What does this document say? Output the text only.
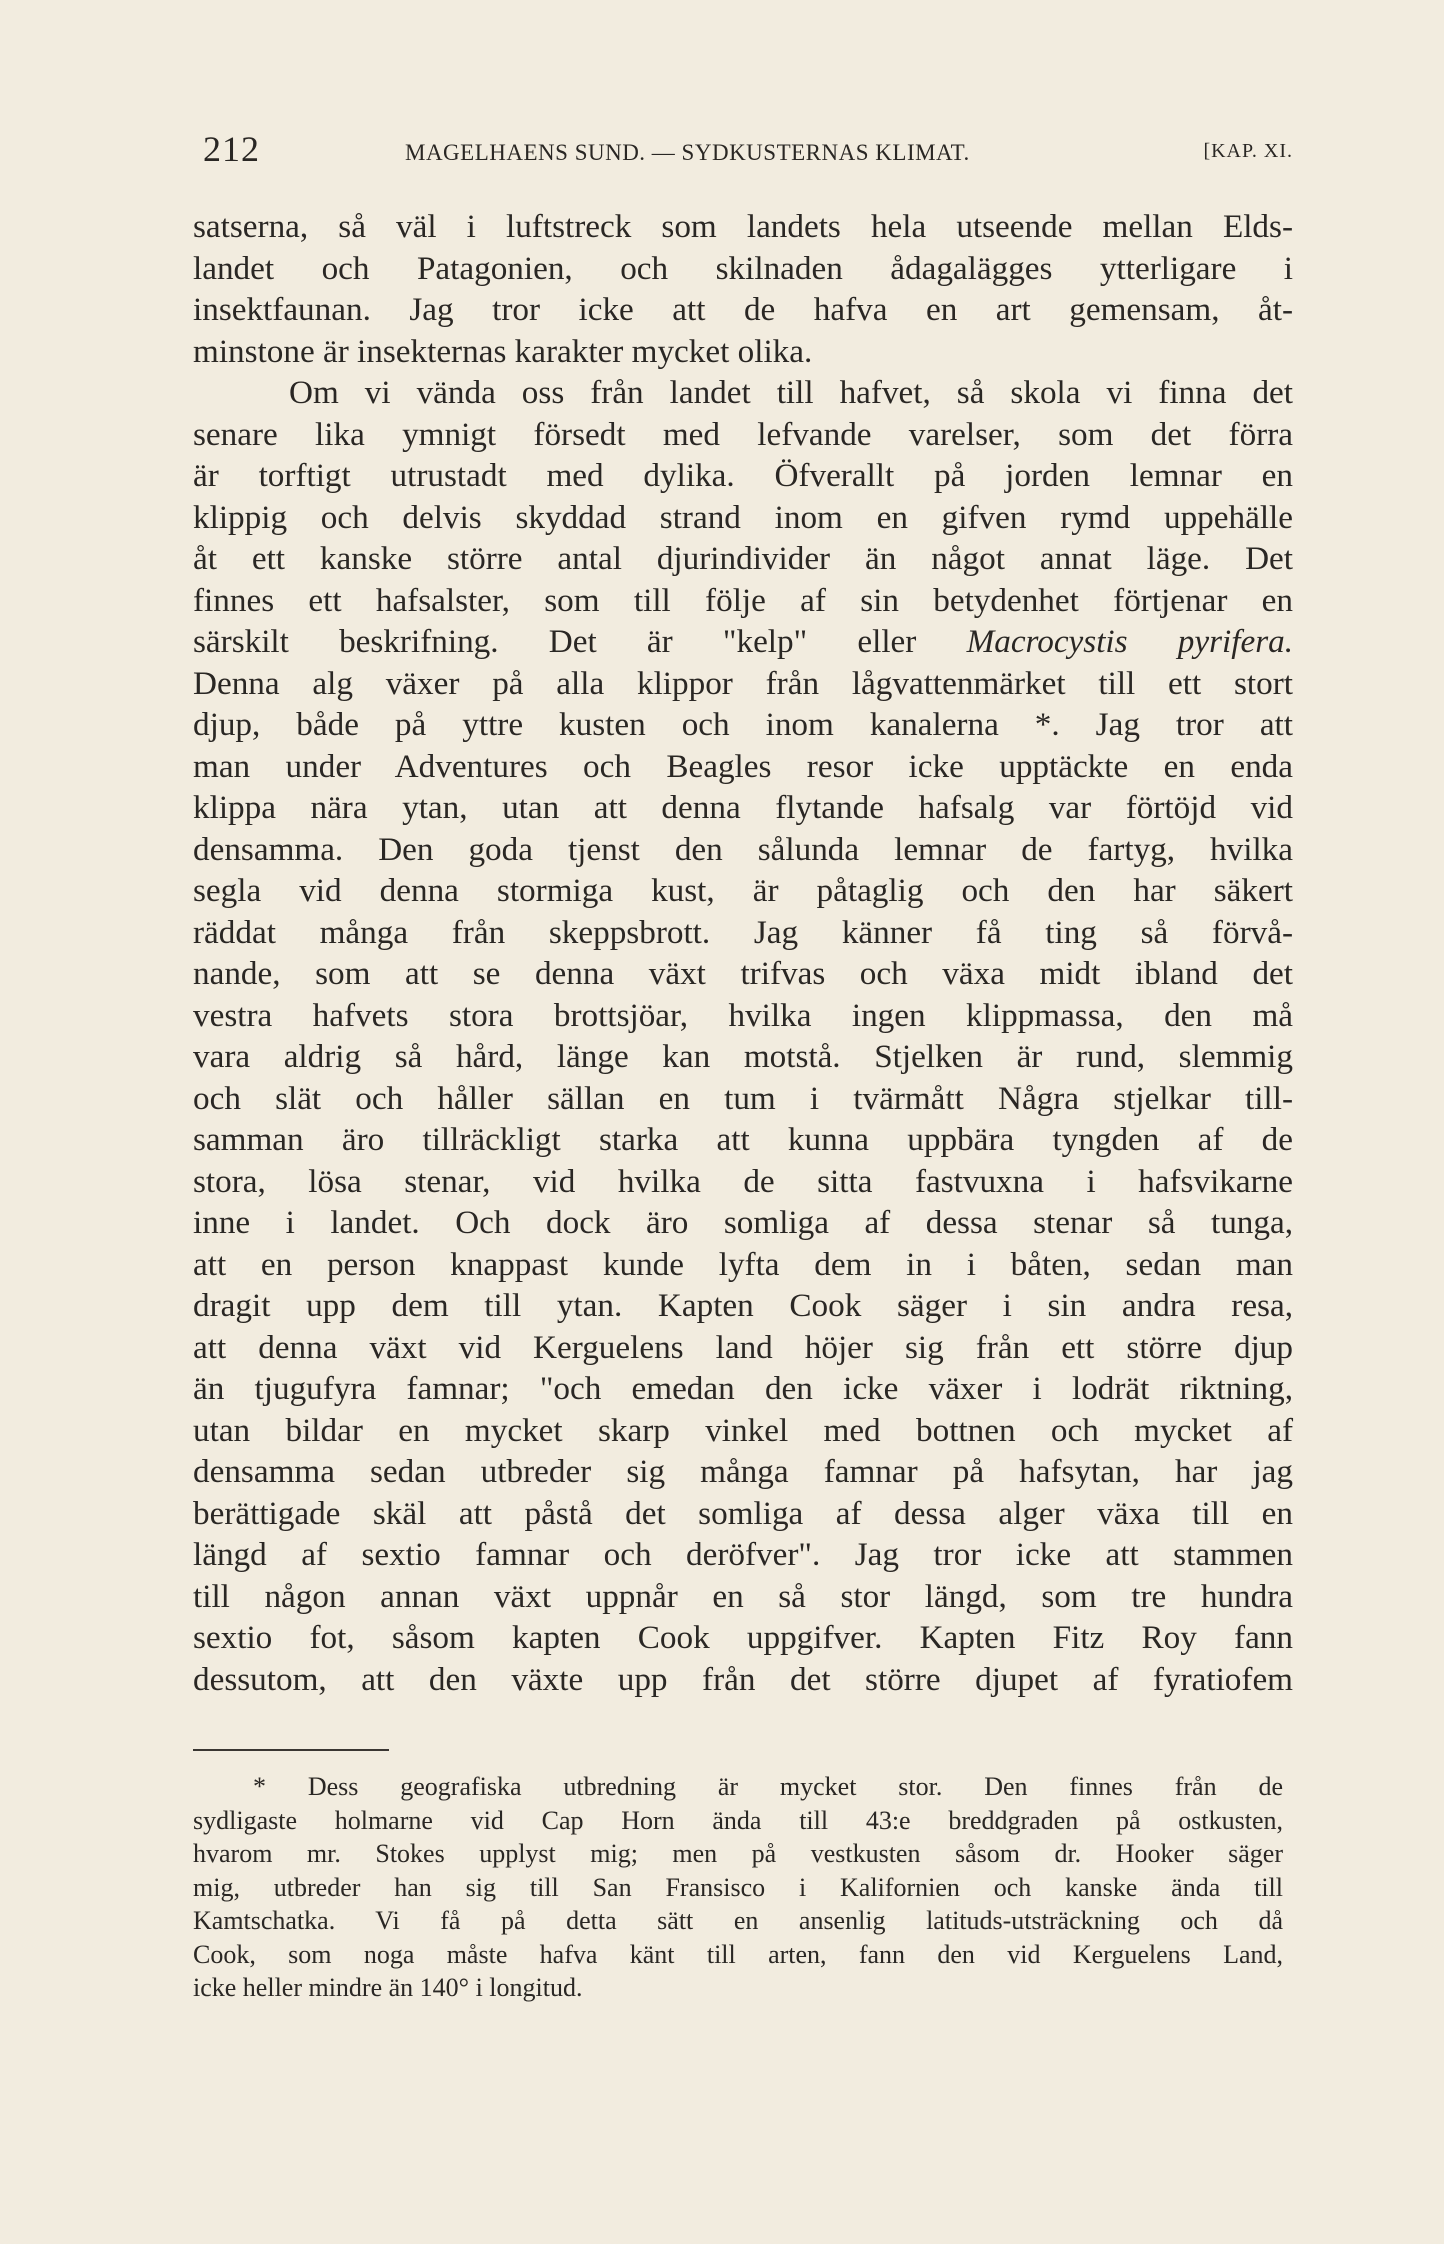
212	MAGELHAENS SUND. — SYDKUSTERNAS KLIMAT.	[KAP. XI.
satserna, så väl i luftstreck som landets hela utseende mellan Elds-
landet och Patagonien, och skilnaden ådagalägges ytterligare i
insektfaunan. Jag tror icke att de hafva en art gemensam, åt-
minstone är insekternas karakter mycket olika.
Om vi vända oss från landet till hafvet, så skola vi finna det
senare lika ymnigt försedt med lefvande varelser, som det förra
är torftigt utrustadt med dylika. Öfverallt på jorden lemnar en
klippig och delvis skyddad strand inom en gifven rymd uppehälle
åt ett kanske större antal djurindivider än något annat läge. Det
finnes ett hafsalster, som till följe af sin betydenhet förtjenar en
särskilt beskrifning. Det är "kelp" eller Macrocystis pyrifera.
Denna alg växer på alla klippor från lågvattenmärket till ett stort
djup, både på yttre kusten och inom kanalerna *. Jag tror att
man under Adventures och Beagles resor icke upptäckte en enda
klippa nära ytan, utan att denna flytande hafsalg var förtöjd vid
densamma. Den goda tjenst den sålunda lemnar de fartyg, hvilka
segla vid denna stormiga kust, är påtaglig och den har säkert
räddat många från skeppsbrott. Jag känner få ting så förvå-
nande, som att se denna växt trifvas och växa midt ibland det
vestra hafvets stora brottsjöar, hvilka ingen klippmassa, den må
vara aldrig så hård, länge kan motstå. Stjelken är rund, slemmig
och slät och håller sällan en tum i tvärmått Några stjelkar till-
samman äro tillräckligt starka att kunna uppbära tyngden af de
stora, lösa stenar, vid hvilka de sitta fastvuxna i hafsvikarne
inne i landet. Och dock äro somliga af dessa stenar så tunga,
att en person knappast kunde lyfta dem in i båten, sedan man
dragit upp dem till ytan. Kapten Cook säger i sin andra resa,
att denna växt vid Kerguelens land höjer sig från ett större djup
än tjugufyra famnar; "och emedan den icke växer i lodrät riktning,
utan bildar en mycket skarp vinkel med bottnen och mycket af
densamma sedan utbreder sig många famnar på hafsytan, har jag
berättigade skäl att påstå det somliga af dessa alger växa till en
längd af sextio famnar och deröfver". Jag tror icke att stammen
till någon annan växt uppnår en så stor längd, som tre hundra
sextio fot, såsom kapten Cook uppgifver. Kapten Fitz Roy fann
dessutom, att den växte upp från det större djupet af fyratiofem
* Dess geografiska utbredning är mycket stor. Den finnes från de
sydligaste holmarne vid Cap Horn ända till 43:e breddgraden på ostkusten,
hvarom mr. Stokes upplyst mig; men på vestkusten såsom dr. Hooker säger
mig, utbreder han sig till San Fransisco i Kalifornien och kanske ända till
Kamtschatka. Vi få på detta sätt en ansenlig latituds-utsträckning och då
Cook, som noga måste hafva känt till arten, fann den vid Kerguelens Land,
icke heller mindre än 140° i longitud.
